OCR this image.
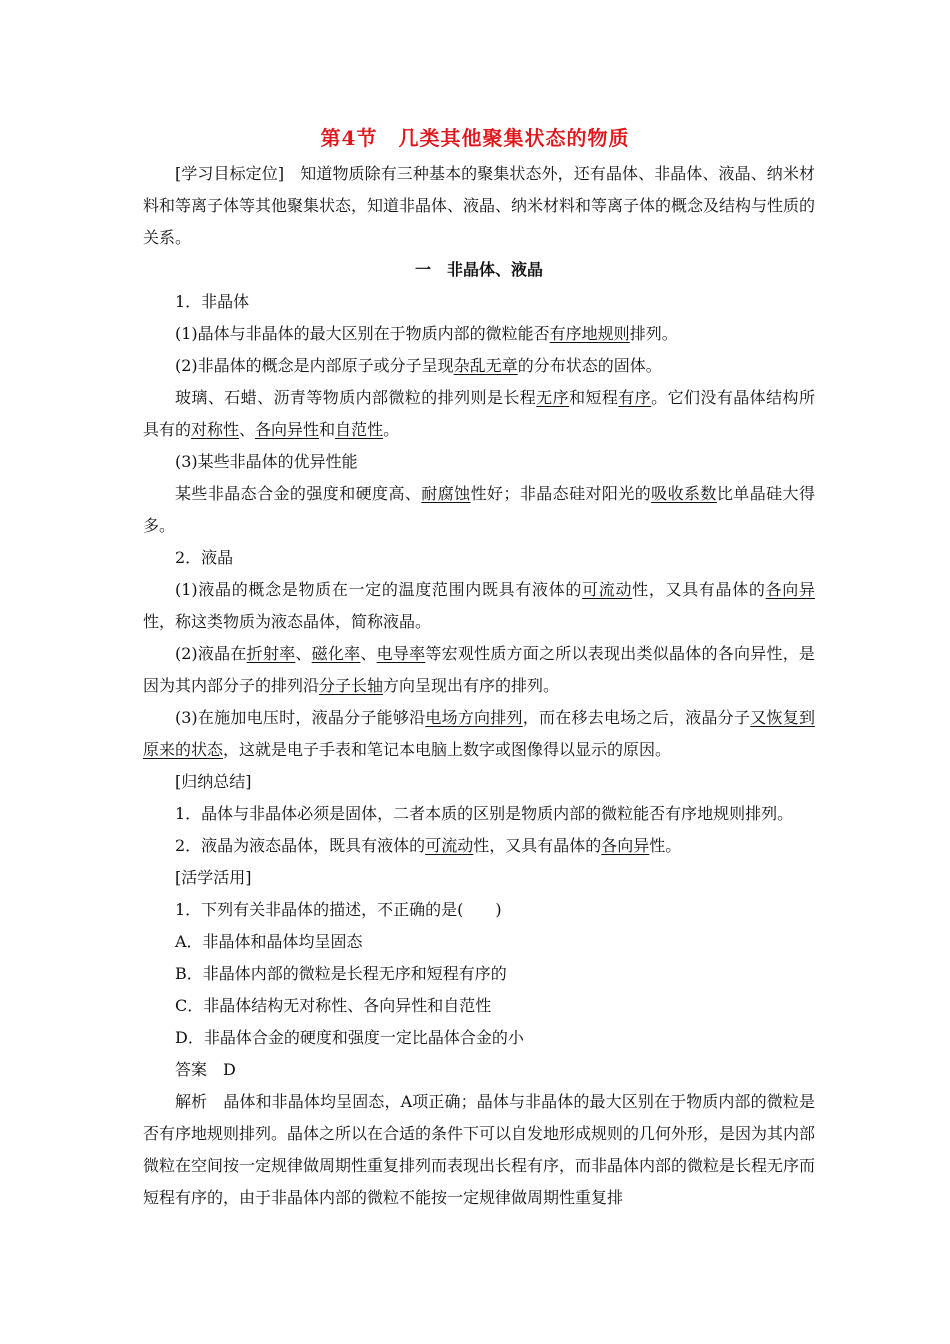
第4节　几类其他聚集状态的物质

[学习目标定位]　知道物质除有三种基本的聚集状态外，还有晶体、非晶体、液晶、纳米材料和等离子体等其他聚集状态，知道非晶体、液晶、纳米材料和等离子体的概念及结构与性质的关系。

一　非晶体、液晶

1．非晶体

(1)晶体与非晶体的最大区别在于物质内部的微粒能否有序地规则排列。

(2)非晶体的概念是内部原子或分子呈现杂乱无章的分布状态的固体。

玻璃、石蜡、沥青等物质内部微粒的排列则是长程无序和短程有序。它们没有晶体结构所具有的对称性、各向异性和自范性。

(3)某些非晶体的优异性能

某些非晶态合金的强度和硬度高、耐腐蚀性好；非晶态硅对阳光的吸收系数比单晶硅大得多。

2．液晶

(1)液晶的概念是物质在一定的温度范围内既具有液体的可流动性，又具有晶体的各向异性，称这类物质为液态晶体，简称液晶。

(2)液晶在折射率、磁化率、电导率等宏观性质方面之所以表现出类似晶体的各向异性，是因为其内部分子的排列沿分子长轴方向呈现出有序的排列。

(3)在施加电压时，液晶分子能够沿电场方向排列，而在移去电场之后，液晶分子又恢复到原来的状态，这就是电子手表和笔记本电脑上数字或图像得以显示的原因。

[归纳总结]

1．晶体与非晶体必须是固体，二者本质的区别是物质内部的微粒能否有序地规则排列。

2．液晶为液态晶体，既具有液体的可流动性，又具有晶体的各向异性。

[活学活用]

1．下列有关非晶体的描述，不正确的是(　　)

A．非晶体和晶体均呈固态

B．非晶体内部的微粒是长程无序和短程有序的

C．非晶体结构无对称性、各向异性和自范性

D．非晶体合金的硬度和强度一定比晶体合金的小

答案　D

解析　晶体和非晶体均呈固态，A项正确；晶体与非晶体的最大区别在于物质内部的微粒是否有序地规则排列。晶体之所以在合适的条件下可以自发地形成规则的几何外形，是因为其内部微粒在空间按一定规律做周期性重复排列而表现出长程有序，而非晶体内部的微粒是长程无序而短程有序的，由于非晶体内部的微粒不能按一定规律做周期性重复排
